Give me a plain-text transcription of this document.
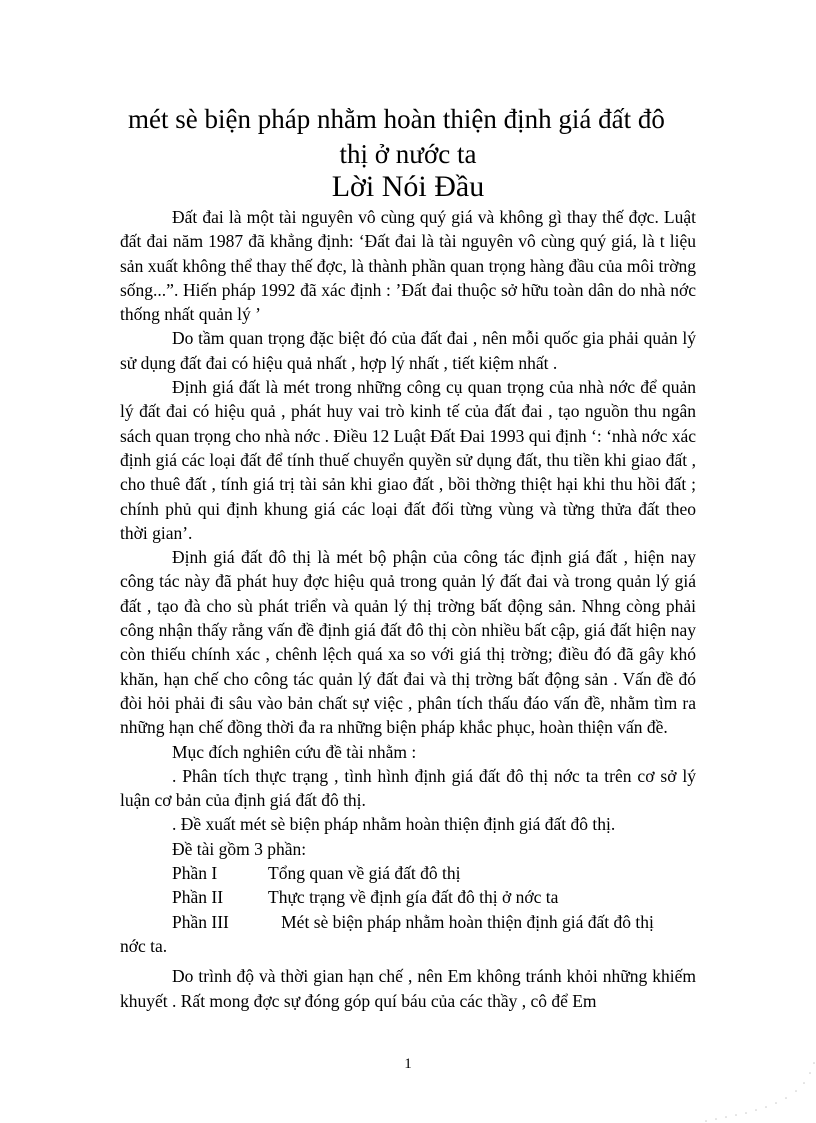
mét sè biện pháp nhằm hoàn thiện định giá đất đô
thị ở nước ta
Lời Nói Đầu

Đất đai là một tài nguyên vô cùng quý giá và không gì thay thế đợc. Luật đất đai năm 1987 đã khẳng định: ‘Đất đai là tài nguyên vô cùng quý giá, là t liệu sản xuất không thể thay thế đợc, là thành phần quan trọng hàng đầu của môi trờng sống...”. Hiến pháp 1992 đã xác định : ’Đất đai thuộc sở hữu toàn dân do nhà nớc thống nhất quản lý ’

Do tầm quan trọng đặc biệt đó của đất đai , nên mỗi quốc gia phải quản lý sử dụng đất đai có hiệu quả nhất , hợp lý nhất , tiết kiệm nhất .

Định giá đất là mét trong những công cụ quan trọng của nhà nớc để quản lý đất đai có hiệu quả , phát huy vai trò kinh tế của đất đai , tạo nguồn thu ngân sách quan trọng cho nhà nớc . Điều 12 Luật Đất Đai 1993 qui định ‘: ‘nhà nớc xác định giá các loại đất để tính thuế chuyển quyền sử dụng đất, thu tiền khi giao đất , cho thuê đất , tính giá trị tài sản khi giao đất , bồi thờng thiệt hại khi thu hồi đất ; chính phủ qui định khung giá các loại đất đối từng vùng và từng thửa đất theo thời gian’.

Định giá đất đô thị là mét bộ phận của công tác định giá đất , hiện nay công tác này đã phát huy đợc hiệu quả trong quản lý đất đai và trong quản lý giá đất , tạo đà cho sù phát triển và quản lý thị trờng bất động sản. Nhng còng phải công nhận thấy rằng vấn đề định giá đất đô thị còn nhiều bất cập, giá đất hiện nay còn thiếu chính xác , chênh lệch quá xa so với giá thị trờng; điều đó đã gây khó khăn, hạn chế cho công tác quản lý đất đai và thị trờng bất động sản . Vấn đề đó đòi hỏi phải đi sâu vào bản chất sự việc , phân tích thấu đáo vấn đề, nhằm tìm ra những hạn chế đồng thời đa ra những biện pháp khắc phục, hoàn thiện vấn đề.

Mục đích nghiên cứu đề tài nhằm :

. Phân tích thực trạng , tình hình định giá đất đô thị nớc ta trên cơ sở lý luận cơ bản của định giá đất đô thị.

. Đề xuất mét sè biện pháp nhằm hoàn thiện định giá đất đô thị.

Đề tài gồm 3 phần:

Phần I	Tổng quan về giá đất đô thị
Phần II	Thực trạng về định gía đất đô thị ở nớc ta
Phần III	Mét sè biện pháp nhằm hoàn thiện định giá đất đô thị

nớc ta.

Do trình độ và thời gian hạn chế , nên Em không tránh khỏi những khiếm khuyết . Rất mong đợc sự đóng góp quí báu của các thầy , cô để Em

1
